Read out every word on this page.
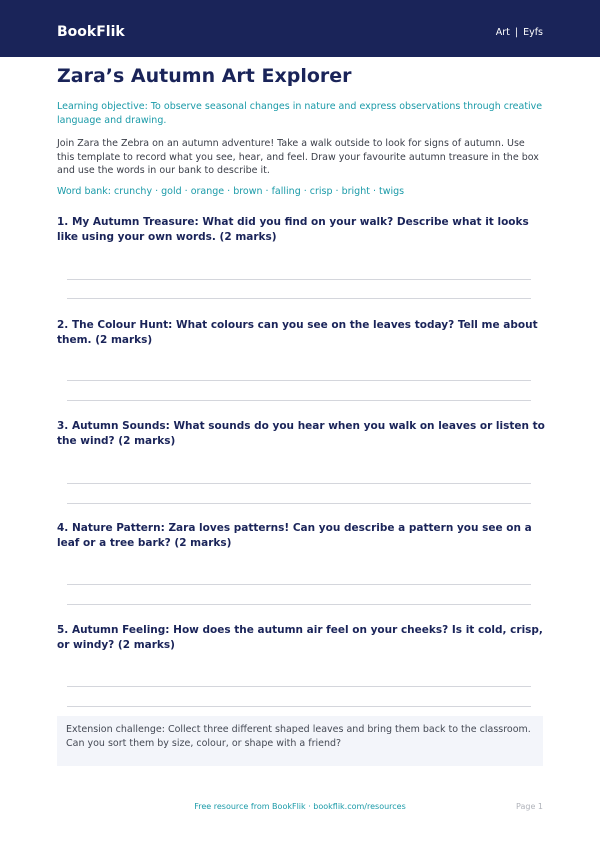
BookFlik	Art | Eyfs
Zara’s Autumn Art Explorer

Learning objective: To observe seasonal changes in nature and express observations through creative language and drawing.

Join Zara the Zebra on an autumn adventure! Take a walk outside to look for signs of autumn. Use this template to record what you see, hear, and feel. Draw your favourite autumn treasure in the box and use the words in our bank to describe it.

Word bank: crunchy · gold · orange · brown · falling · crisp · bright · twigs

1. My Autumn Treasure: What did you find on your walk? Describe what it looks like using your own words. (2 marks)

2. The Colour Hunt: What colours can you see on the leaves today? Tell me about them. (2 marks)

3. Autumn Sounds: What sounds do you hear when you walk on leaves or listen to the wind? (2 marks)

4. Nature Pattern: Zara loves patterns! Can you describe a pattern you see on a leaf or a tree bark? (2 marks)

5. Autumn Feeling: How does the autumn air feel on your cheeks? Is it cold, crisp, or windy? (2 marks)

Extension challenge: Collect three different shaped leaves and bring them back to the classroom. Can you sort them by size, colour, or shape with a friend?
Free resource from BookFlik · bookflik.com/resources	Page 1
